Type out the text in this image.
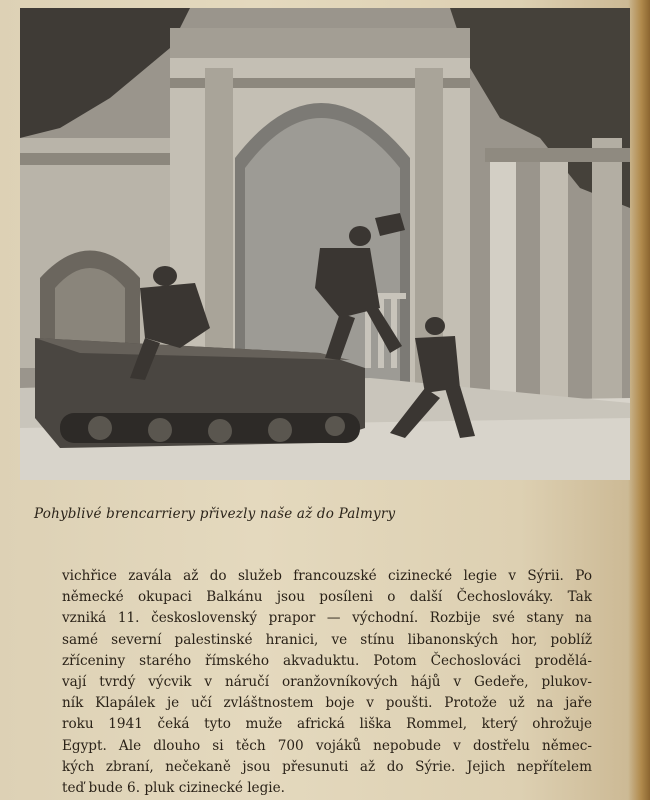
Pohyblivé brencarriery přivezly naše až do Palmyry
vichřice zavála až do služeb francouzské cizinecké legie v Sýrii. Po
německé okupaci Balkánu jsou posíleni o další Čechoslováky. Tak
vzniká 11. československý prapor — východní. Rozbije své stany na
samé severní palestinské hranici, ve stínu libanonských hor, poblíž
zříceniny starého římského akvaduktu. Potom Čechoslováci prodělá-
vají tvrdý výcvik v náručí oranžovníkových hájů v Gedeře, plukov-
ník Klapálek je učí zvláštnostem boje v poušti. Protože už na jaře
roku 1941 čeká tyto muže africká liška Rommel, který ohrožuje
Egypt. Ale dlouho si těch 700 vojáků nepobude v dostřelu němec-
kých zbraní, nečekaně jsou přesunuti až do Sýrie. Jejich nepřítelem
teď bude 6. pluk cizinecké legie.
